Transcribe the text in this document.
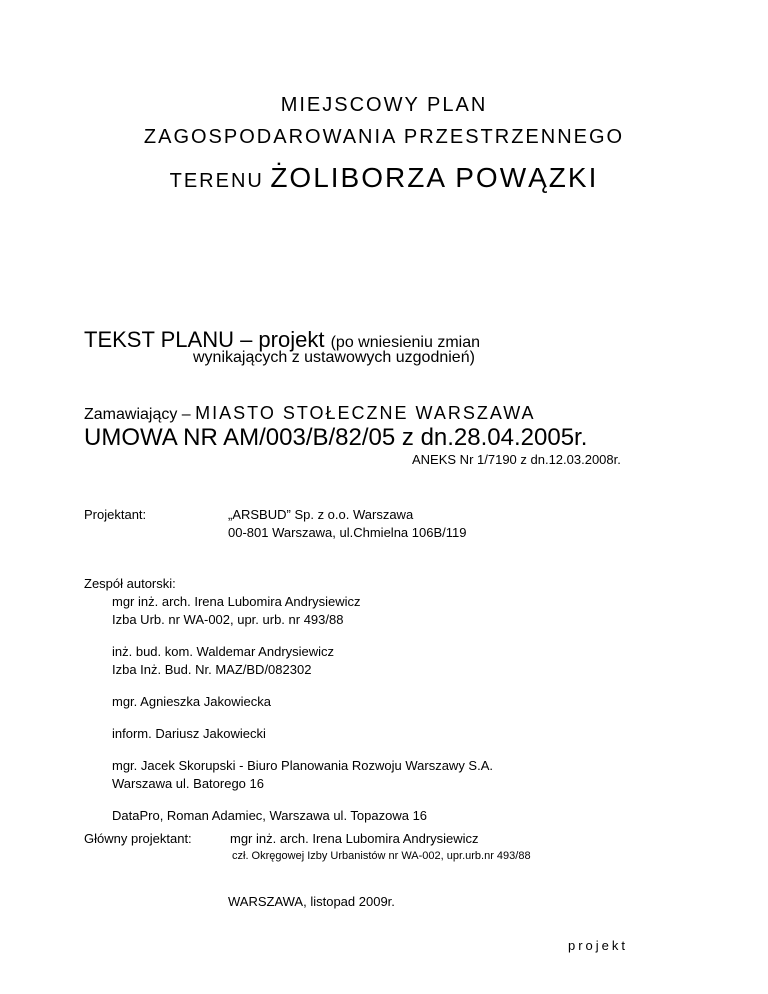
MIEJSCOWY PLAN
ZAGOSPODAROWANIA PRZESTRZENNEGO
TERENU ŻOLIBORZA POWĄZKI
TEKST PLANU – projekt (po wniesieniu zmian
wynikających z ustawowych uzgodnień)
Zamawiający – MIASTO STOŁECZNE WARSZAWA
UMOWA NR AM/003/B/82/05 z dn.28.04.2005r.
ANEKS Nr 1/7190 z dn.12.03.2008r.
Projektant:	„ARSBUD” Sp. z o.o. Warszawa
00-801 Warszawa, ul.Chmielna 106B/119
Zespół autorski:
mgr inż. arch. Irena Lubomira Andrysiewicz
Izba Urb. nr WA-002, upr. urb. nr 493/88
inż. bud. kom. Waldemar Andrysiewicz
Izba Inż. Bud. Nr. MAZ/BD/082302
mgr. Agnieszka Jakowiecka
inform. Dariusz Jakowiecki
mgr. Jacek Skorupski - Biuro Planowania Rozwoju Warszawy S.A.
Warszawa ul. Batorego 16
DataPro, Roman Adamiec, Warszawa ul. Topazowa 16
Główny projektant:	mgr inż. arch. Irena Lubomira Andrysiewicz
czł. Okręgowej Izby Urbanistów nr WA-002, upr.urb.nr 493/88
WARSZAWA, listopad 2009r.
projekt
